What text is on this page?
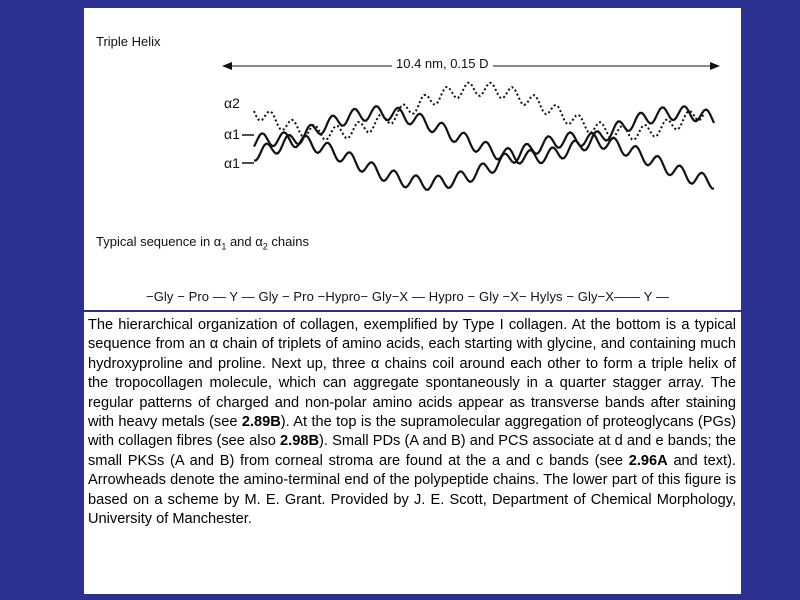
Triple Helix
10.4 nm, 0.15 D
α2
α1
α1
Typical sequence in $\alpha_1$ and $\alpha_2$ chains
−Gly − Pro — Y — Gly − Pro −Hypro− Gly−X — Hypro − Gly −X− Hylys − Gly−X—— Y —

The hierarchical organization of collagen, exemplified by Type I collagen. At the bottom is a typical sequence from an α chain of triplets of amino acids, each starting with glycine, and containing much hydroxyproline and proline. Next up, three α chains coil around each other to form a triple helix of the tropocollagen molecule, which can aggregate spontaneously in a quarter stagger array. The regular patterns of charged and non-polar amino acids appear as transverse bands after staining with heavy metals (see 2.89B). At the top is the supramolecular aggregation of proteoglycans (PGs) with collagen fibres (see also 2.98B). Small PDs (A and B) and PCS associate at d and e bands; the small PKSs (A and B) from corneal stroma are found at the a and c bands (see 2.96A and text). Arrowheads denote the amino-terminal end of the polypeptide chains. The lower part of this figure is based on a scheme by M. E. Grant. Provided by J. E. Scott, Department of Chemical Morphology, University of Manchester.
